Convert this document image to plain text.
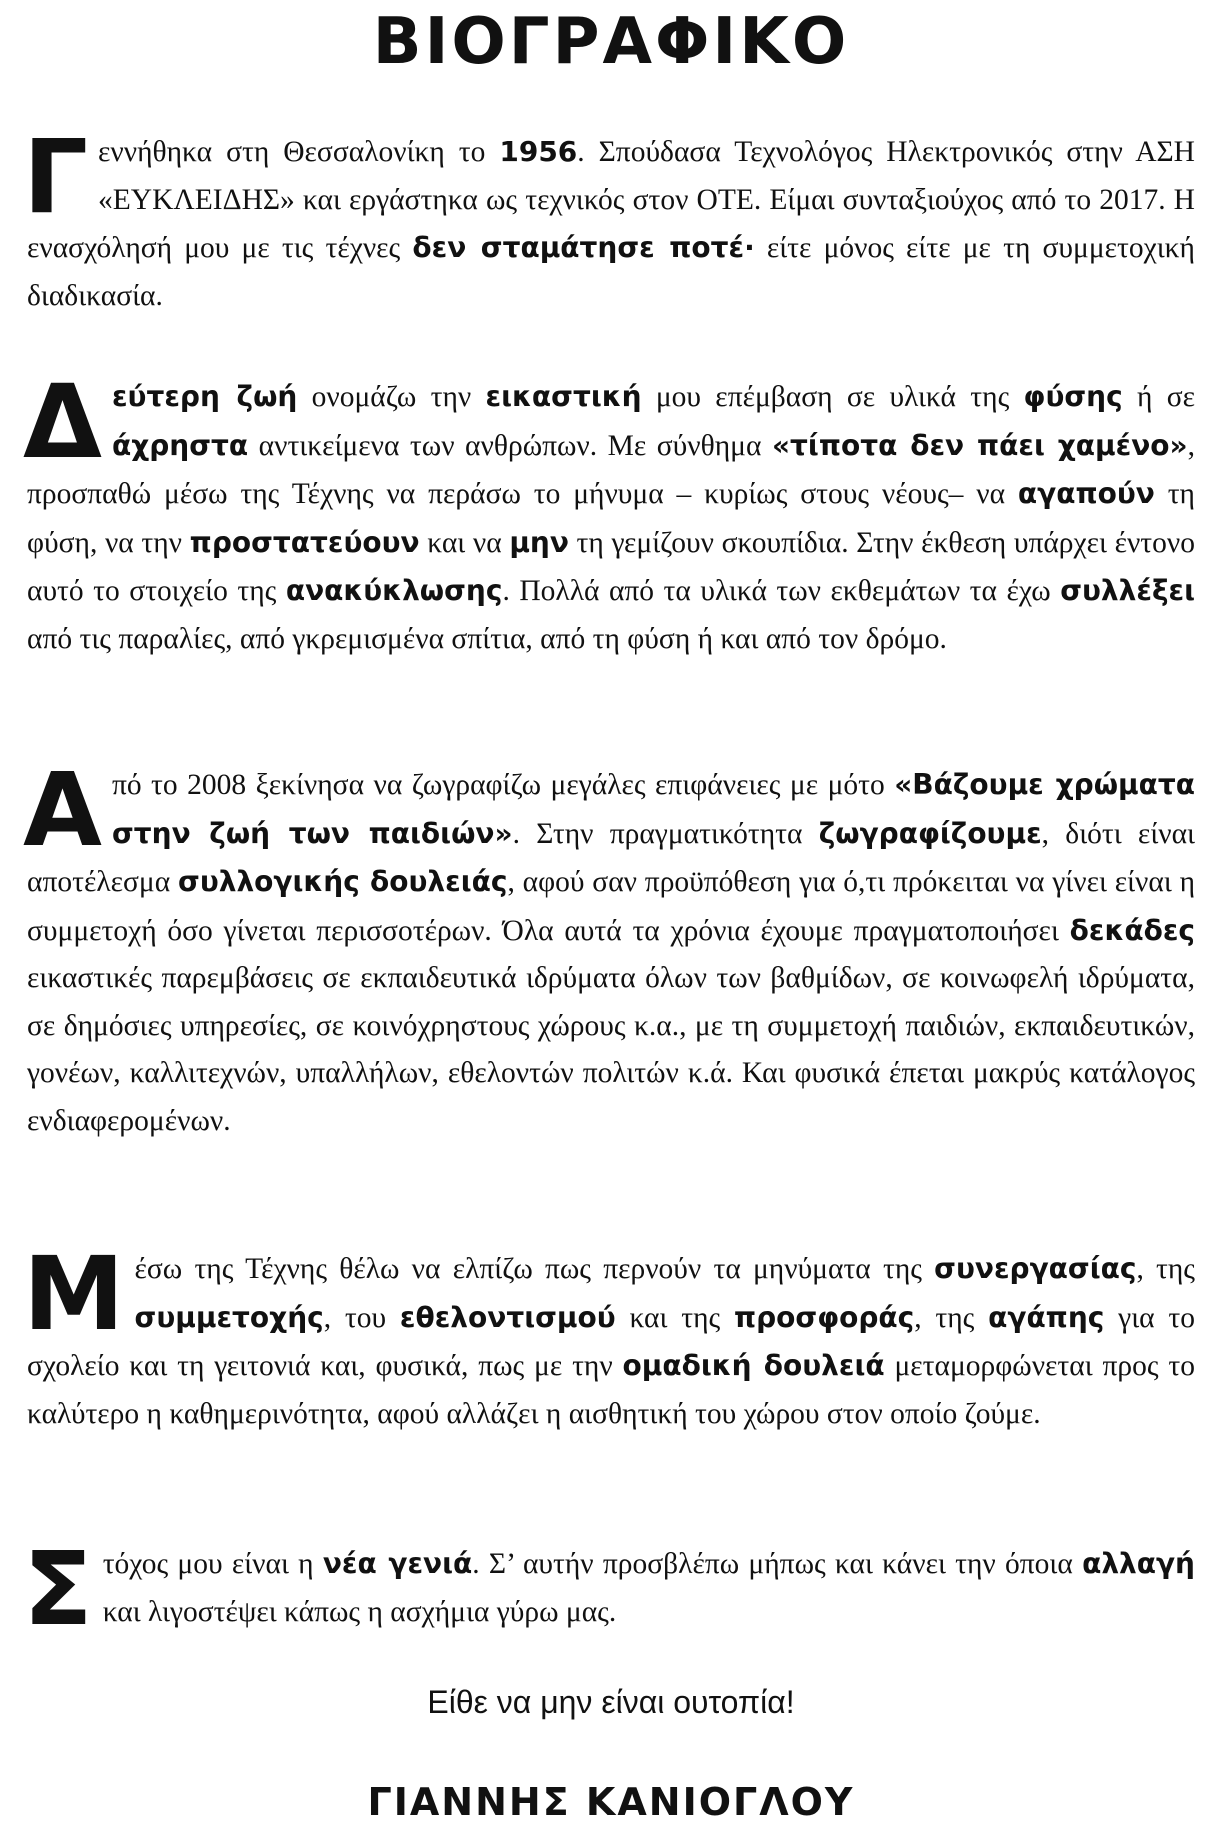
ΒΙΟΓΡΑΦΙΚΟ

Γ εννήθηκα στη Θεσσαλονίκη το 1956. Σπούδασα Τεχνολόγος Ηλεκτρονικός στην ΑΣΗ «ΕΥΚΛΕΙΔΗΣ» και εργάστηκα ως τεχνικός στον ΟΤΕ. Είμαι συνταξιούχος από το 2017. Η ενασχόλησή μου με τις τέχνες δεν σταμάτησε ποτέ· είτε μόνος είτε με τη συμμετοχική διαδικασία.

Δ εύτερη ζωή ονομάζω την εικαστική μου επέμβαση σε υλικά της φύσης ή σε άχρηστα αντικείμενα των ανθρώπων. Με σύνθημα «τίποτα δεν πάει χαμένο», προσπαθώ μέσω της Τέχνης να περάσω το μήνυμα – κυρίως στους νέους– να αγαπούν τη φύση, να την προστατεύουν και να μην τη γεμίζουν σκουπίδια. Στην έκθεση υπάρχει έντονο αυτό το στοιχείο της ανακύκλωσης. Πολλά από τα υλικά των εκθεμάτων τα έχω συλλέξει από τις παραλίες, από γκρεμισμένα σπίτια, από τη φύση ή και από τον δρόμο.

Α πό το 2008 ξεκίνησα να ζωγραφίζω μεγάλες επιφάνειες με μότο «Βάζουμε χρώματα στην ζωή των παιδιών». Στην πραγματικότητα ζωγραφίζουμε, διότι είναι αποτέλεσμα συλλογικής δουλειάς, αφού σαν προϋπόθεση για ό,τι πρόκειται να γίνει είναι η συμμετοχή όσο γίνεται περισσοτέρων. Όλα αυτά τα χρόνια έχουμε πραγματοποιήσει δεκάδες εικαστικές παρεμβάσεις σε εκπαιδευτικά ιδρύματα όλων των βαθμίδων, σε κοινωφελή ιδρύματα, σε δημόσιες υπηρεσίες, σε κοινόχρηστους χώρους κ.α., με τη συμμετοχή παιδιών, εκπαιδευτικών, γονέων, καλλιτεχνών, υπαλλήλων, εθελοντών πολιτών κ.ά. Και φυσικά έπεται μακρύς κατάλογος ενδιαφερομένων.

Μ έσω της Τέχνης θέλω να ελπίζω πως περνούν τα μηνύματα της συνεργασίας, της συμμετοχής, του εθελοντισμού και της προσφοράς, της αγάπης για το σχολείο και τη γειτονιά και, φυσικά, πως με την ομαδική δουλειά μεταμορφώνεται προς το καλύτερο η καθημερινότητα, αφού αλλάζει η αισθητική του χώρου στον οποίο ζούμε.

Σ τόχος μου είναι η νέα γενιά. Σ’ αυτήν προσβλέπω μήπως και κάνει την όποια αλλαγή και λιγοστέψει κάπως η ασχήμια γύρω μας.

Είθε να μην είναι ουτοπία!

ΓΙΑΝΝΗΣ ΚΑΝΙΟΓΛΟΥ
